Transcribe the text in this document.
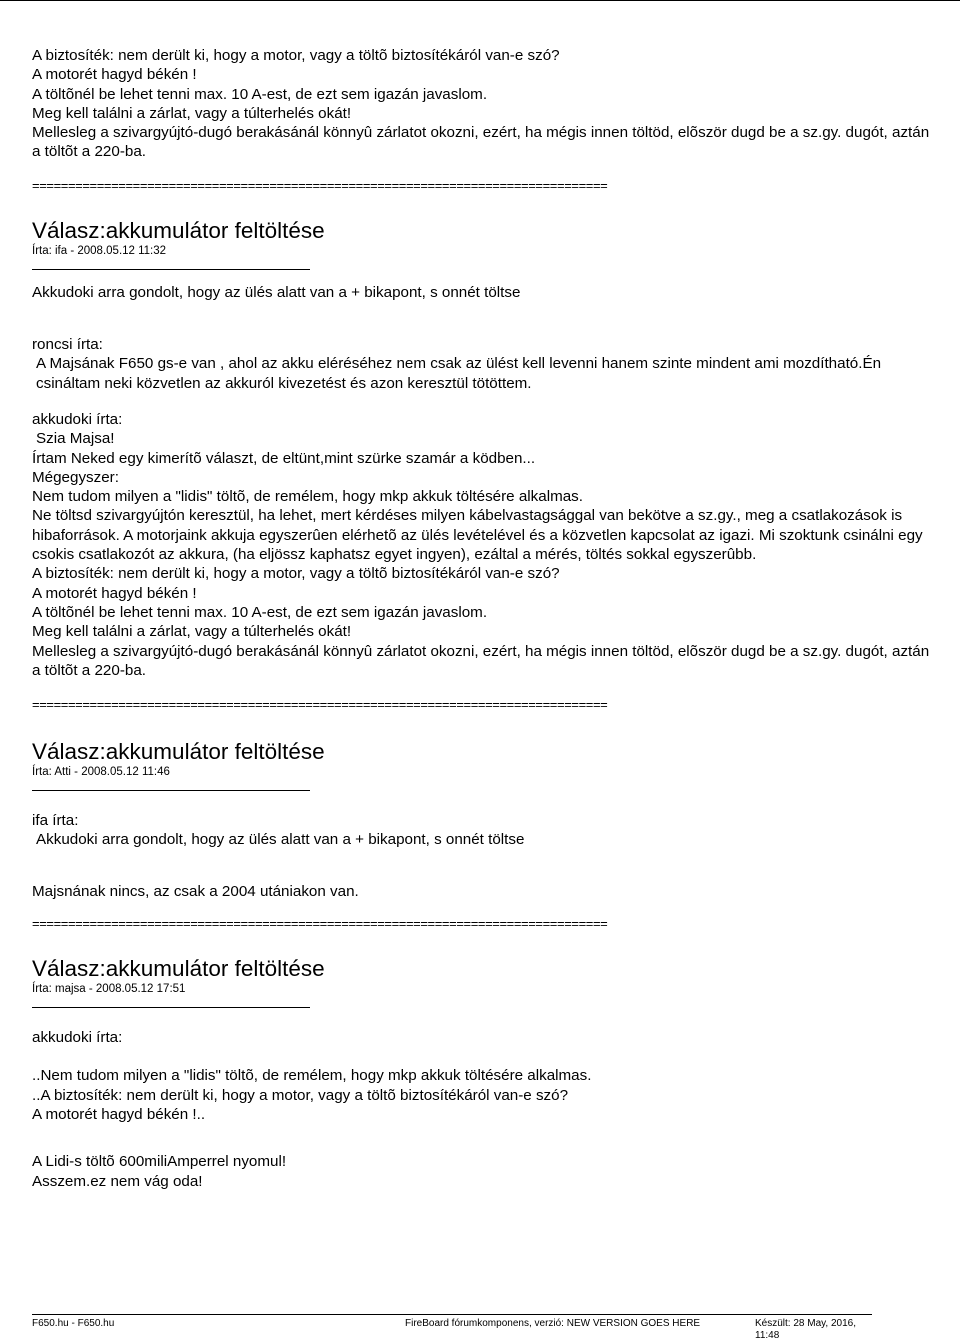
A biztosíték: nem derült ki, hogy a motor, vagy a töltõ biztosítékáról van-e szó?
A motorét hagyd békén !
A töltõnél be lehet tenni max. 10 A-est, de ezt sem igazán javaslom.
Meg kell találni a zárlat, vagy a túlterhelés okát!
Mellesleg a szivargyújtó-dugó berakásánál könnyû zárlatot okozni, ezért, ha mégis innen töltöd, elõször dugd be a sz.gy. dugót, aztán a töltõt a 220-ba.
================================================================================
Válasz:akkumulátor feltöltése
Írta: ifa - 2008.05.12 11:32
Akkudoki arra gondolt, hogy az ülés alatt van a + bikapont, s onnét töltse
roncsi írta:
A Majsának F650 gs-e van , ahol az akku eléréséhez nem csak az ülést kell levenni hanem szinte mindent ami mozdítható.Én csináltam neki közvetlen az akkuról kivezetést és azon keresztül tötöttem.
akkudoki írta:
Szia Majsa!
Írtam Neked egy kimerítõ választ, de eltünt,mint szürke szamár a ködben...
Mégegyszer:
Nem tudom milyen a "lidis" töltõ, de remélem, hogy mkp akkuk töltésére alkalmas.
Ne töltsd szivargyújtón keresztül, ha lehet, mert kérdéses milyen kábelvastagsággal van bekötve a sz.gy., meg a csatlakozások is hibaforrások. A motorjaink akkuja egyszerûen elérhetõ az ülés levételével és a közvetlen kapcsolat az igazi. Mi szoktunk csinálni egy csokis csatlakozót az akkura, (ha eljössz kaphatsz egyet ingyen), ezáltal a mérés, töltés sokkal egyszerûbb.
A biztosíték: nem derült ki, hogy a motor, vagy a töltõ biztosítékáról van-e szó?
A motorét hagyd békén !
A töltõnél be lehet tenni max. 10 A-est, de ezt sem igazán javaslom.
Meg kell találni a zárlat, vagy a túlterhelés okát!
Mellesleg a szivargyújtó-dugó berakásánál könnyû zárlatot okozni, ezért, ha mégis innen töltöd, elõször dugd be a sz.gy. dugót, aztán a töltõt a 220-ba.
================================================================================
Válasz:akkumulátor feltöltése
Írta: Atti - 2008.05.12 11:46
ifa írta:
Akkudoki arra gondolt, hogy az ülés alatt van a + bikapont, s onnét töltse
Majsnának nincs, az csak a 2004 utániakon van.
================================================================================
Válasz:akkumulátor feltöltése
Írta: majsa - 2008.05.12 17:51
akkudoki írta:
..Nem tudom milyen a "lidis" töltõ, de remélem, hogy mkp akkuk töltésére alkalmas.
..A biztosíték: nem derült ki, hogy a motor, vagy a töltõ biztosítékáról van-e szó?
A motorét hagyd békén !..
A Lidi-s töltõ 600miliAmperrel nyomul!
Asszem.ez nem vág oda!
F650.hu - F650.hu	FireBoard fórumkomponens, verzió: NEW VERSION GOES HERE	Készült: 28 May, 2016, 11:48
